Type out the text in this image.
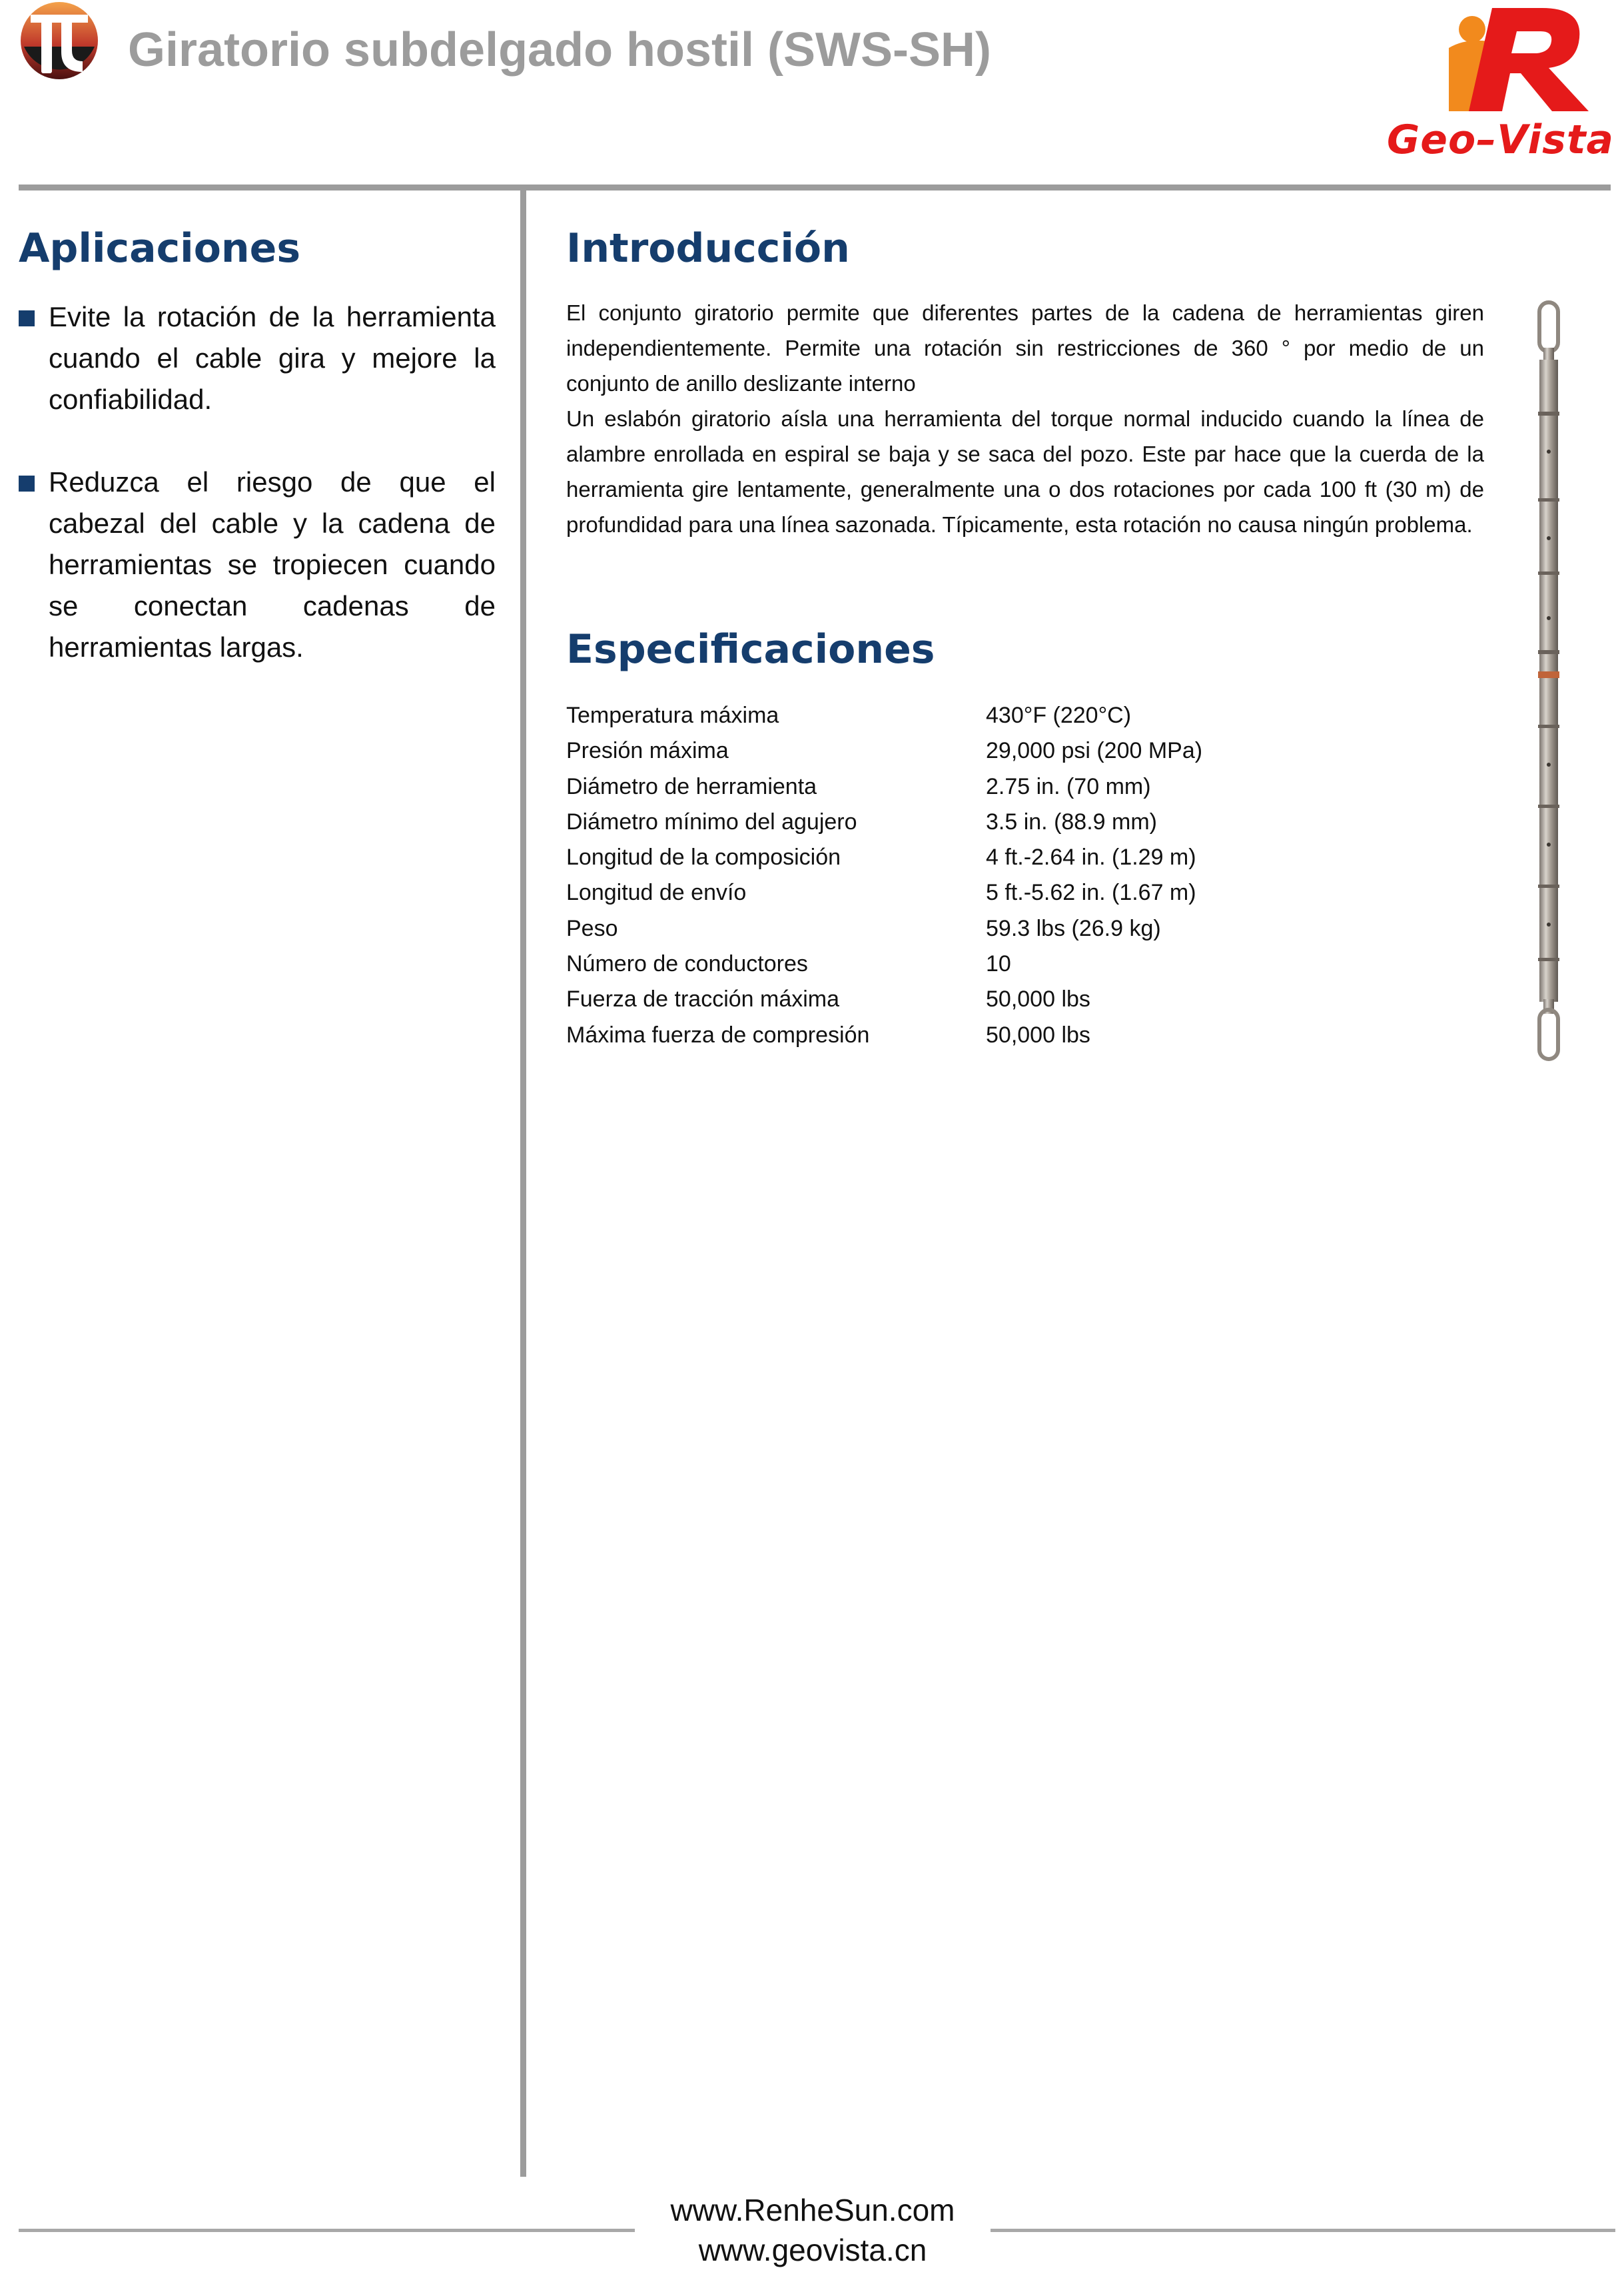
Giratorio subdelgado hostil (SWS-SH)
Geo–Vista
Aplicaciones
Evite la rotación de la herramienta cuando el cable gira y mejore la confiabilidad.
Reduzca el riesgo de que el cabezal del cable y la cadena de herramientas se tropiecen cuando se conectan cadenas de herramientas largas.
Introducción

El conjunto giratorio permite que diferentes partes de la cadena de herramientas giren independientemente. Permite una rotación sin restricciones de 360 ° por medio de un conjunto de anillo deslizante interno

Un eslabón giratorio aísla una herramienta del torque normal inducido cuando la línea de alambre enrollada en espiral se baja y se saca del pozo. Este par hace que la cuerda de la herramienta gire lentamente, generalmente una o dos rotaciones por cada 100 ft (30 m) de profundidad para una línea sazonada. Típicamente, esta rotación no causa ningún problema.

Especificaciones
Temperatura máxima	430°F (220°C)
Presión máxima	29,000 psi (200 MPa)
Diámetro de herramienta	2.75 in. (70 mm)
Diámetro mínimo del agujero	3.5 in. (88.9 mm)
Longitud de la composición	4 ft.-2.64 in. (1.29 m)
Longitud de envío	5 ft.-5.62 in. (1.67 m)
Peso	59.3 lbs (26.9 kg)
Número de conductores	10
Fuerza de tracción máxima	50,000 lbs
Máxima fuerza de compresión	50,000 lbs
www.RenheSun.com
www.geovista.cn
